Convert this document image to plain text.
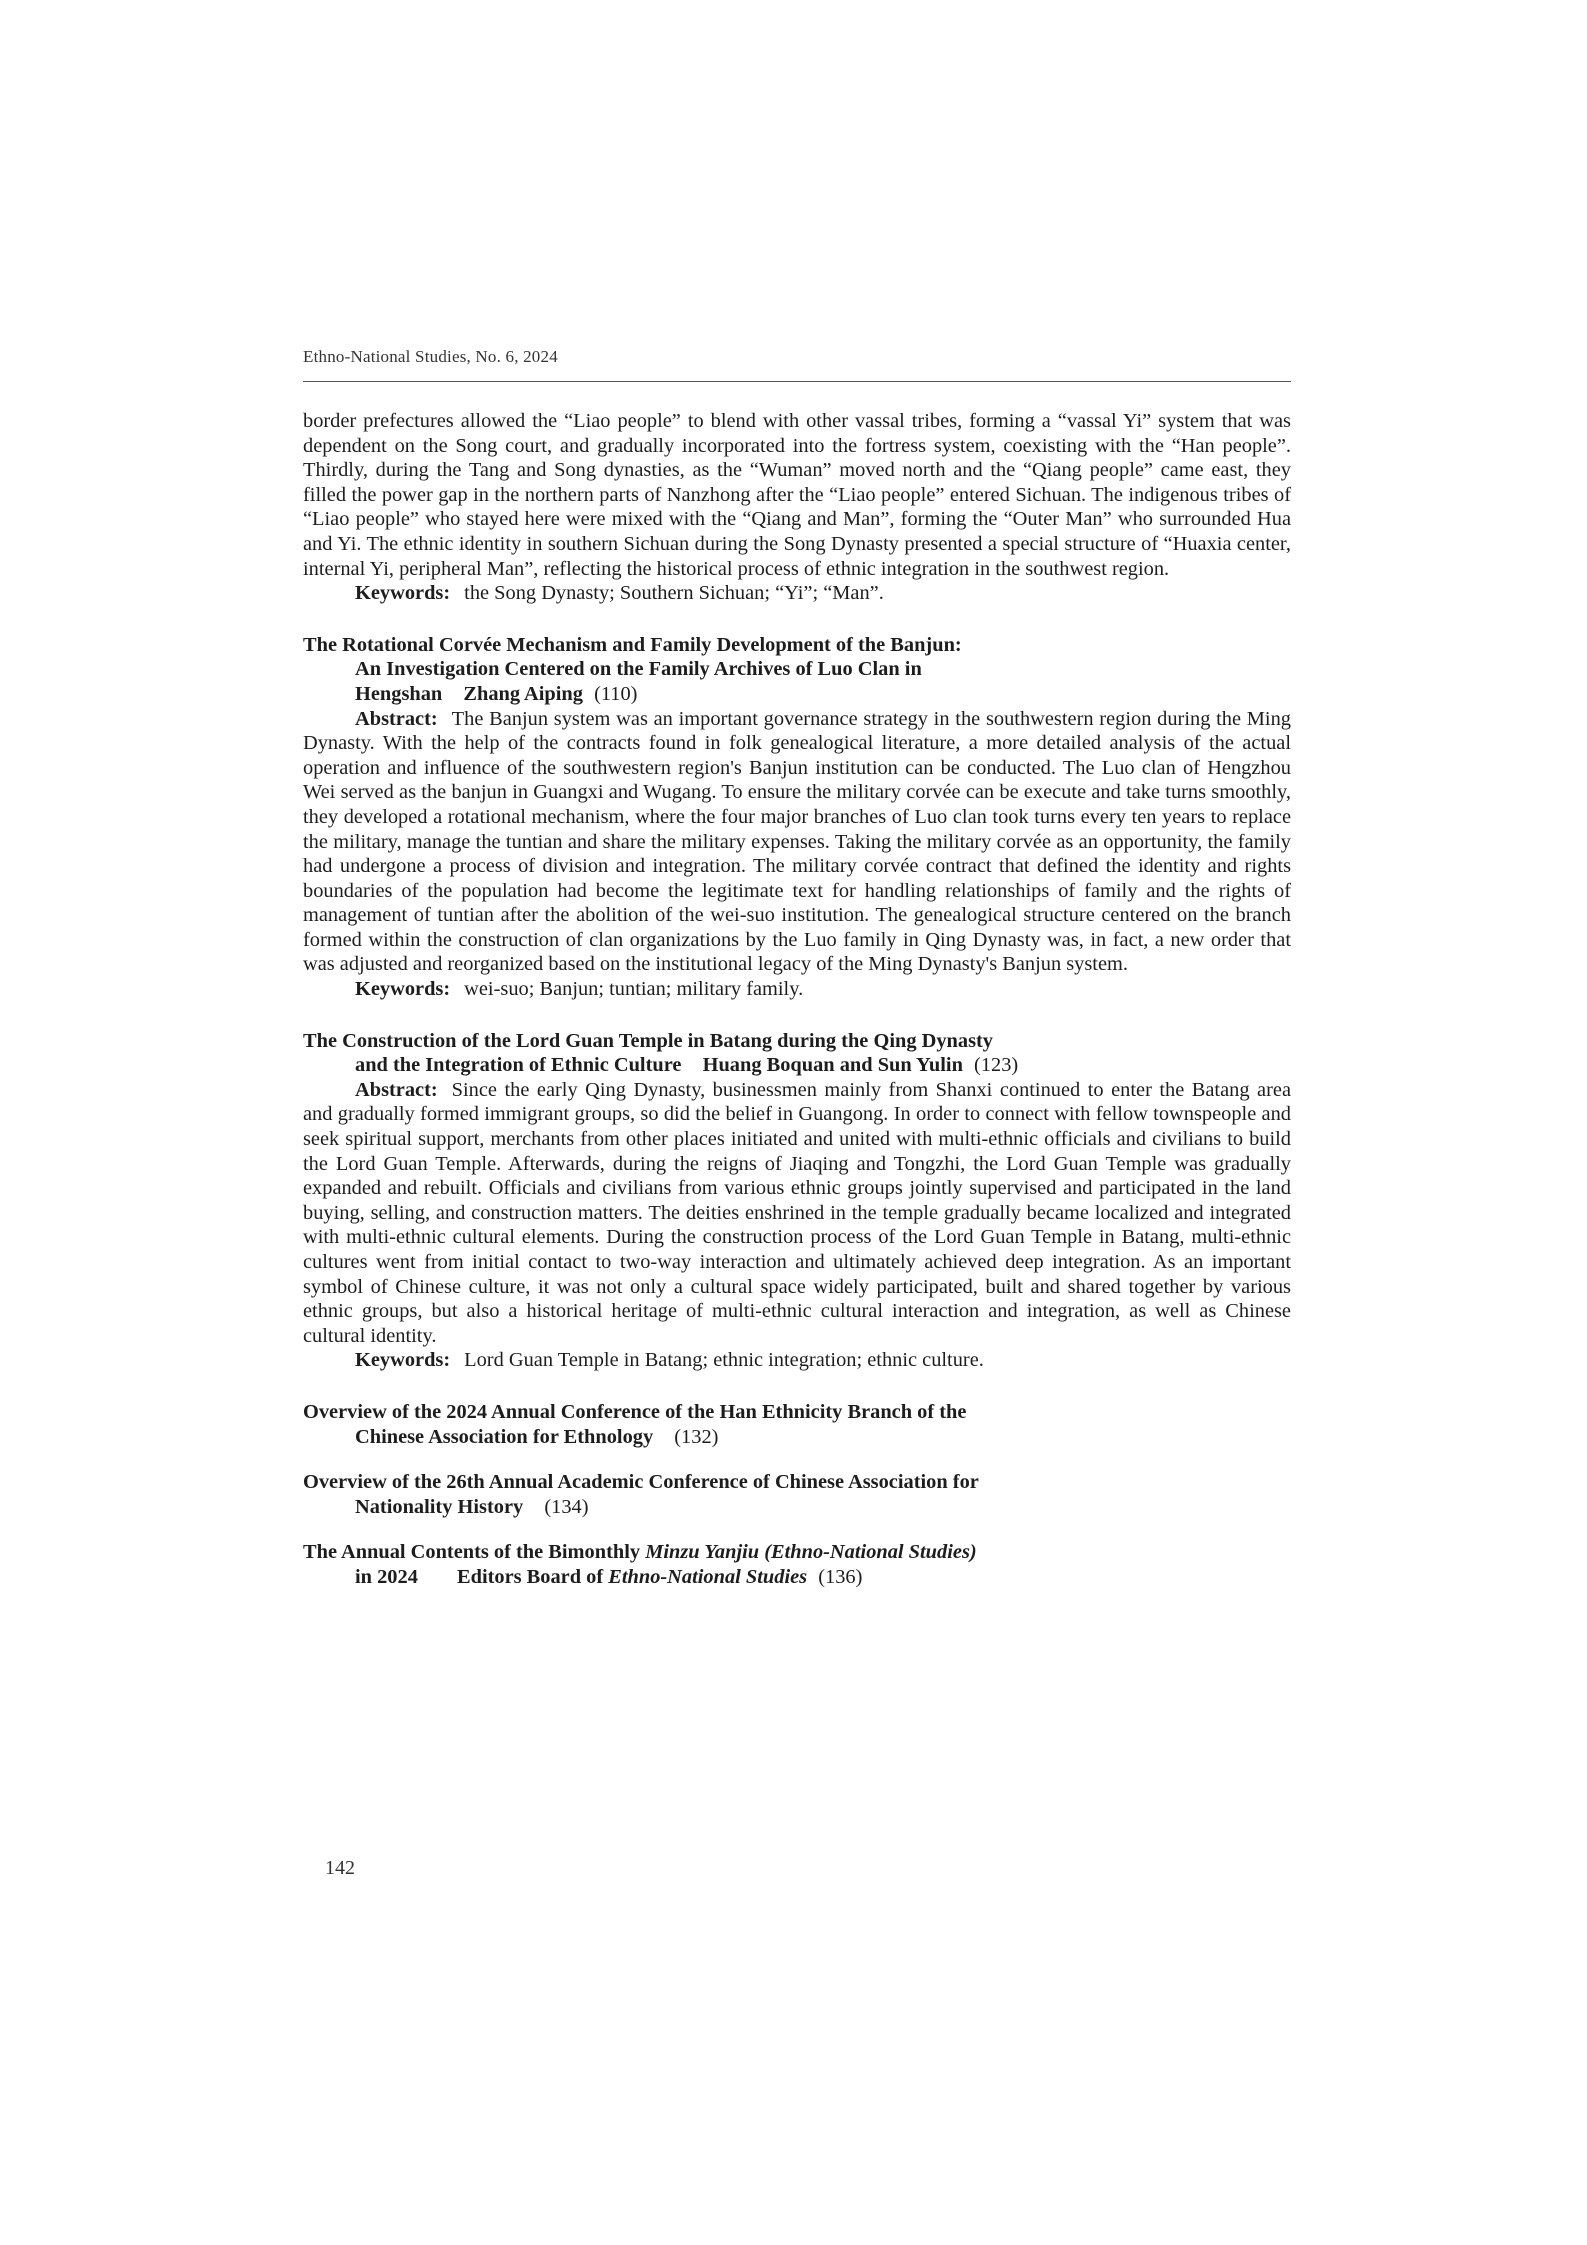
Ethno-National Studies, No. 6, 2024

border prefectures allowed the “Liao people” to blend with other vassal tribes, forming a “vassal Yi” system that was dependent on the Song court, and gradually incorporated into the fortress system, coexisting with the “Han people”. Thirdly, during the Tang and Song dynasties, as the “Wuman” moved north and the “Qiang people” came east, they filled the power gap in the northern parts of Nanzhong after the “Liao people” entered Sichuan. The indigenous tribes of “Liao people” who stayed here were mixed with the “Qiang and Man”, forming the “Outer Man” who surrounded Hua and Yi. The ethnic identity in southern Sichuan during the Song Dynasty presented a special structure of “Huaxia center, internal Yi, peripheral Man”, reflecting the historical process of ethnic integration in the southwest region.

Keywords: the Song Dynasty; Southern Sichuan; “Yi”; “Man”.

The Rotational Corvée Mechanism and Family Development of the Banjun:
An Investigation Centered on the Family Archives of Luo Clan in
Hengshan Zhang Aiping (110)

Abstract: The Banjun system was an important governance strategy in the southwestern region during the Ming Dynasty. With the help of the contracts found in folk genealogical literature, a more detailed analysis of the actual operation and influence of the southwestern region's Banjun institution can be conducted. The Luo clan of Hengzhou Wei served as the banjun in Guangxi and Wugang. To ensure the military corvée can be execute and take turns smoothly, they developed a rotational mechanism, where the four major branches of Luo clan took turns every ten years to replace the military, manage the tuntian and share the military expenses. Taking the military corvée as an opportunity, the family had undergone a process of division and integration. The military corvée contract that defined the identity and rights boundaries of the population had become the legitimate text for handling relationships of family and the rights of management of tuntian after the abolition of the wei-suo institution. The genealogical structure centered on the branch formed within the construction of clan organizations by the Luo family in Qing Dynasty was, in fact, a new order that was adjusted and reorganized based on the institutional legacy of the Ming Dynasty's Banjun system.

Keywords: wei-suo; Banjun; tuntian; military family.

The Construction of the Lord Guan Temple in Batang during the Qing Dynasty
and the Integration of Ethnic Culture Huang Boquan and Sun Yulin (123)

Abstract: Since the early Qing Dynasty, businessmen mainly from Shanxi continued to enter the Batang area and gradually formed immigrant groups, so did the belief in Guangong. In order to connect with fellow townspeople and seek spiritual support, merchants from other places initiated and united with multi-ethnic officials and civilians to build the Lord Guan Temple. Afterwards, during the reigns of Jiaqing and Tongzhi, the Lord Guan Temple was gradually expanded and rebuilt. Officials and civilians from various ethnic groups jointly supervised and participated in the land buying, selling, and construction matters. The deities enshrined in the temple gradually became localized and integrated with multi-ethnic cultural elements. During the construction process of the Lord Guan Temple in Batang, multi-ethnic cultures went from initial contact to two-way interaction and ultimately achieved deep integration. As an important symbol of Chinese culture, it was not only a cultural space widely participated, built and shared together by various ethnic groups, but also a historical heritage of multi-ethnic cultural interaction and integration, as well as Chinese cultural identity.

Keywords: Lord Guan Temple in Batang; ethnic integration; ethnic culture.

Overview of the 2024 Annual Conference of the Han Ethnicity Branch of the
Chinese Association for Ethnology (132)
Overview of the 26th Annual Academic Conference of Chinese Association for
Nationality History (134)
The Annual Contents of the Bimonthly Minzu Yanjiu (Ethno-National Studies)
in 2024 Editors Board of Ethno-National Studies (136)
142
